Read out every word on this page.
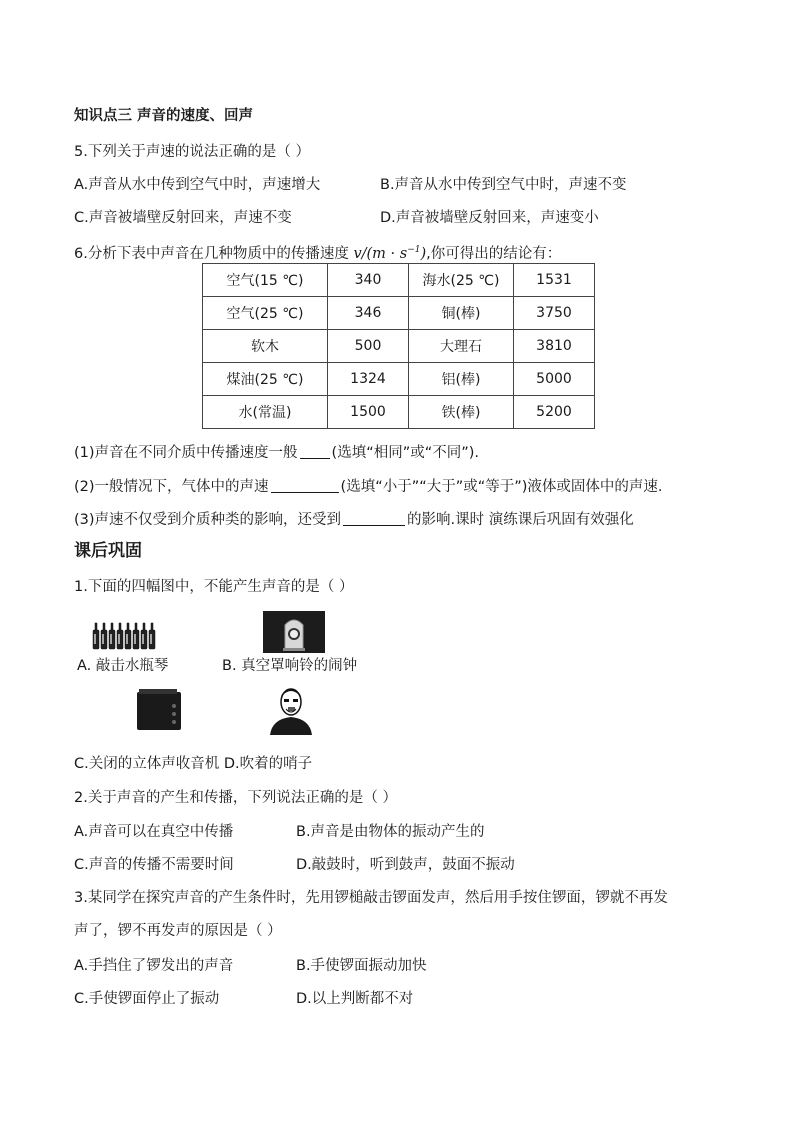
知识点三 声音的速度、回声
5.下列关于声速的说法正确的是（ ）
A.声音从水中传到空气中时，声速增大	B.声音从水中传到空气中时，声速不变
C.声音被墙壁反射回来，声速不变	D.声音被墙壁反射回来，声速变小
6.分析下表中声音在几种物质中的传播速度 $v/(m \cdot s^{-1})$,你可得出的结论有：
空气(15 ℃)	340	海水(25 ℃)	1531
空气(25 ℃)	346	铜(棒)	3750
软木	500	大理石	3810
煤油(25 ℃)	1324	铝(棒)	5000
水(常温)	1500	铁(棒)	5200
(1)声音在不同介质中传播速度一般 (选填“相同”或“不同”).
(2)一般情况下，气体中的声速	(选填“小于”“大于”或“等于”)液体或固体中的声速.
(3)声速不仅受到介质种类的影响，还受到	的影响.课时 演练课后巩固有效强化
课后巩固
1.下面的四幅图中，不能产生声音的是（ ）
A. 敲击水瓶琴	B. 真空罩响铃的闹钟
C.关闭的立体声收音机 D.吹着的哨子
2.关于声音的产生和传播，下列说法正确的是（ ）
A.声音可以在真空中传播	B.声音是由物体的振动产生的
C.声音的传播不需要时间	D.敲鼓时，听到鼓声，鼓面不振动
3.某同学在探究声音的产生条件时，先用锣槌敲击锣面发声，然后用手按住锣面，锣就不再发
声了，锣不再发声的原因是（ ）
A.手挡住了锣发出的声音	B.手使锣面振动加快
C.手使锣面停止了振动	D.以上判断都不对
